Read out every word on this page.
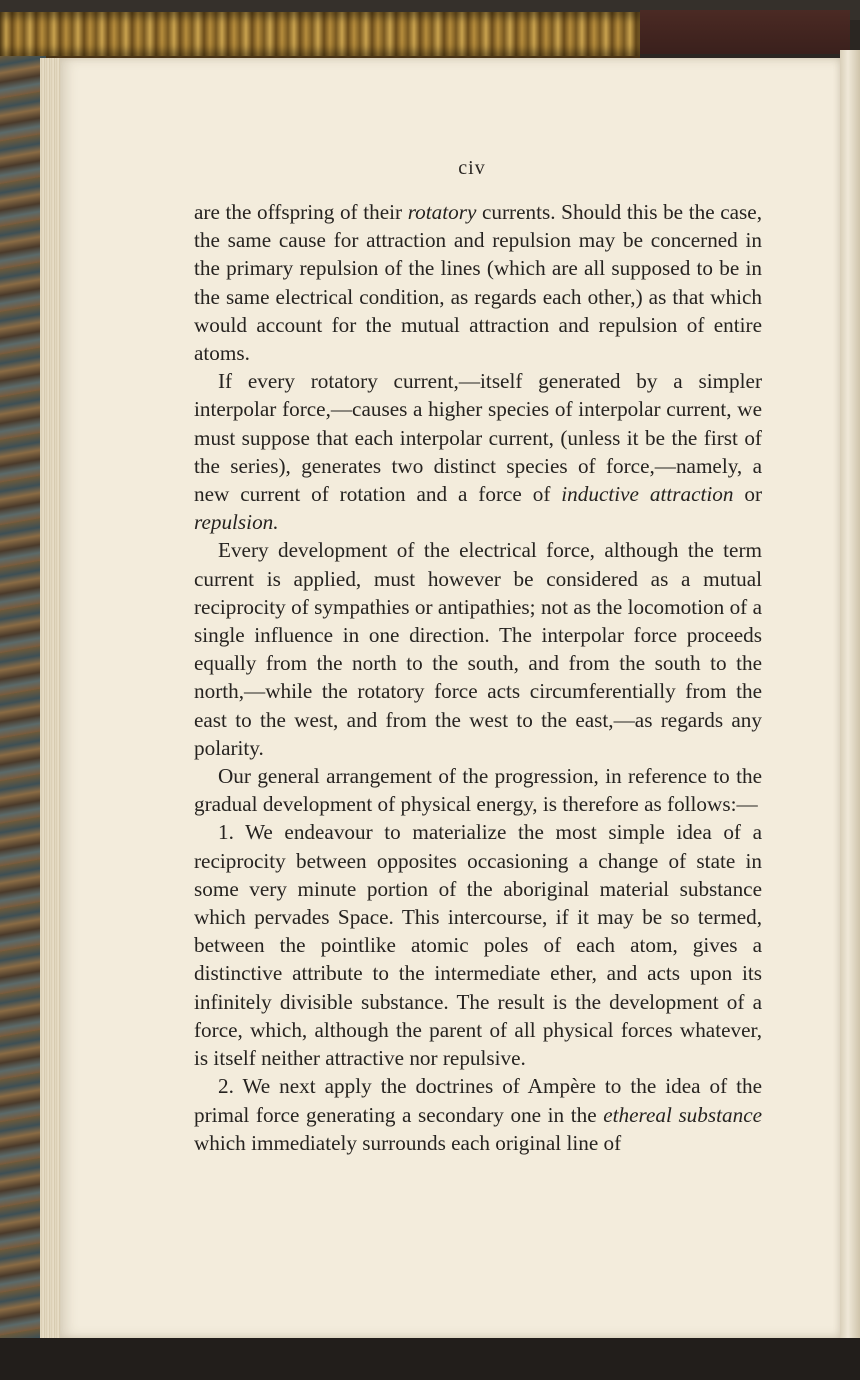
civ

are the offspring of their rotatory currents. Should this be the case, the same cause for attraction and repulsion may be concerned in the primary repulsion of the lines (which are all supposed to be in the same electrical condition, as regards each other,) as that which would account for the mutual attraction and repulsion of entire atoms.

If every rotatory current,—itself generated by a simpler interpolar force,—causes a higher species of interpolar current, we must suppose that each interpolar current, (unless it be the first of the series), generates two distinct species of force,—namely, a new current of rotation and a force of inductive attraction or repulsion.

Every development of the electrical force, although the term current is applied, must however be considered as a mutual reciprocity of sympathies or antipathies; not as the locomotion of a single influence in one direction. The interpolar force proceeds equally from the north to the south, and from the south to the north,—while the rotatory force acts circumferentially from the east to the west, and from the west to the east,—as regards any polarity.

Our general arrangement of the progression, in reference to the gradual development of physical energy, is therefore as follows:—

1. We endeavour to materialize the most simple idea of a reciprocity between opposites occasioning a change of state in some very minute portion of the aboriginal material substance which pervades Space. This intercourse, if it may be so termed, between the pointlike atomic poles of each atom, gives a distinctive attribute to the intermediate ether, and acts upon its infinitely divisible substance. The result is the development of a force, which, although the parent of all physical forces whatever, is itself neither attractive nor repulsive.

2. We next apply the doctrines of Ampère to the idea of the primal force generating a secondary one in the ethereal substance which immediately surrounds each original line of
